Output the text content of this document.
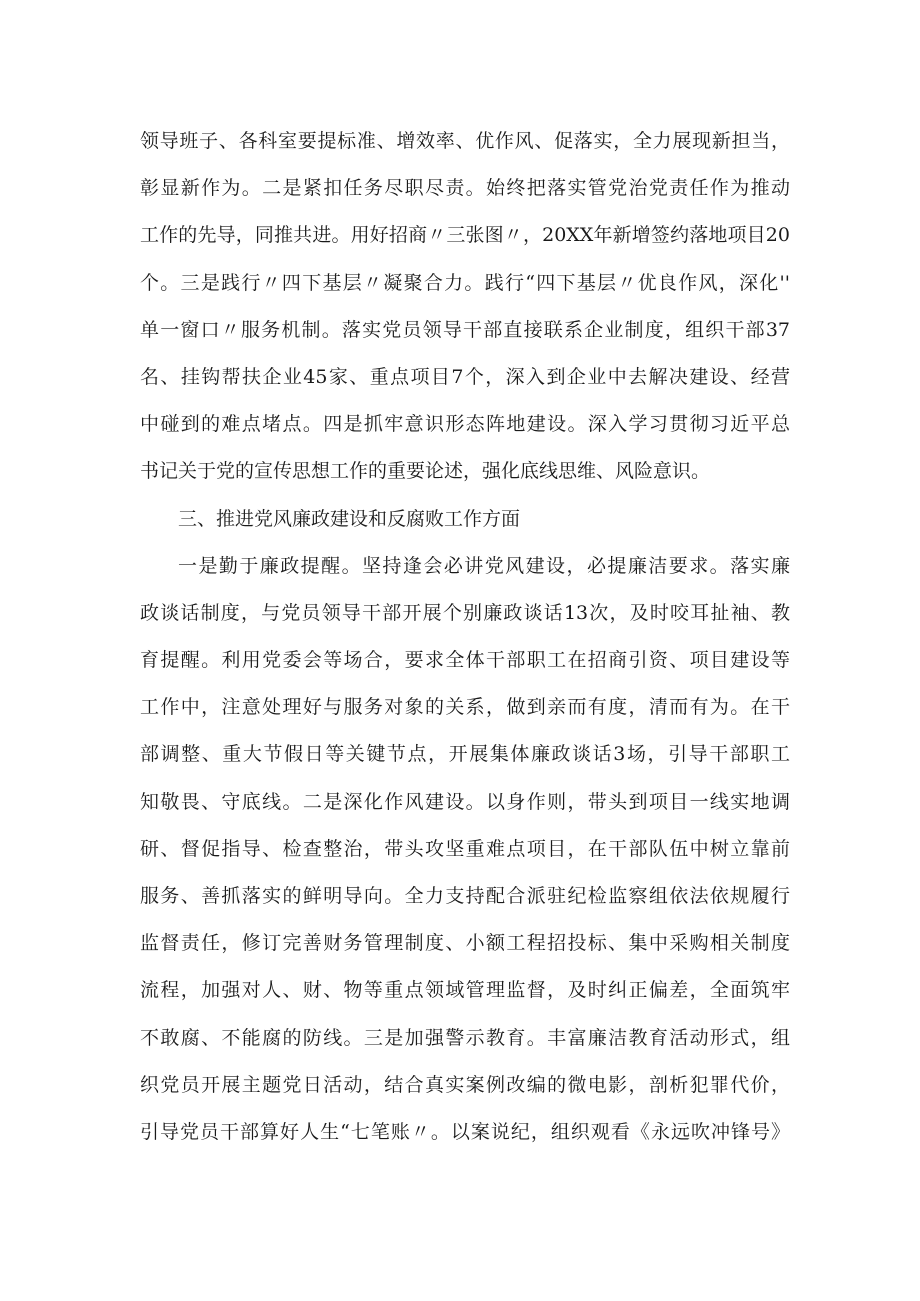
领导班子、各科室要提标准、增效率、优作风、促落实，全力展现新担当，
彰显新作为。二是紧扣任务尽职尽责。始终把落实管党治党责任作为推动
工作的先导，同推共进。用好招商〃三张图〃，20XX年新增签约落地项目20
个。三是践行〃四下基层〃凝聚合力。践行“四下基层〃优良作风，深化''
单一窗口〃服务机制。落实党员领导干部直接联系企业制度，组织干部37
名、挂钩帮扶企业45家、重点项目7个，深入到企业中去解决建设、经营
中碰到的难点堵点。四是抓牢意识形态阵地建设。深入学习贯彻习近平总
书记关于党的宣传思想工作的重要论述，强化底线思维、风险意识。
三、推进党风廉政建设和反腐败工作方面
一是勤于廉政提醒。坚持逢会必讲党风建设，必提廉洁要求。落实廉
政谈话制度，与党员领导干部开展个别廉政谈话13次，及时咬耳扯袖、教
育提醒。利用党委会等场合，要求全体干部职工在招商引资、项目建设等
工作中，注意处理好与服务对象的关系，做到亲而有度，清而有为。在干
部调整、重大节假日等关键节点，开展集体廉政谈话3场，引导干部职工
知敬畏、守底线。二是深化作风建设。以身作则，带头到项目一线实地调
研、督促指导、检查整治，带头攻坚重难点项目，在干部队伍中树立靠前
服务、善抓落实的鲜明导向。全力支持配合派驻纪检监察组依法依规履行
监督责任，修订完善财务管理制度、小额工程招投标、集中采购相关制度
流程，加强对人、财、物等重点领域管理监督，及时纠正偏差，全面筑牢
不敢腐、不能腐的防线。三是加强警示教育。丰富廉洁教育活动形式，组
织党员开展主题党日活动，结合真实案例改编的微电影，剖析犯罪代价，
引导党员干部算好人生“七笔账〃。以案说纪，组织观看《永远吹冲锋号》
